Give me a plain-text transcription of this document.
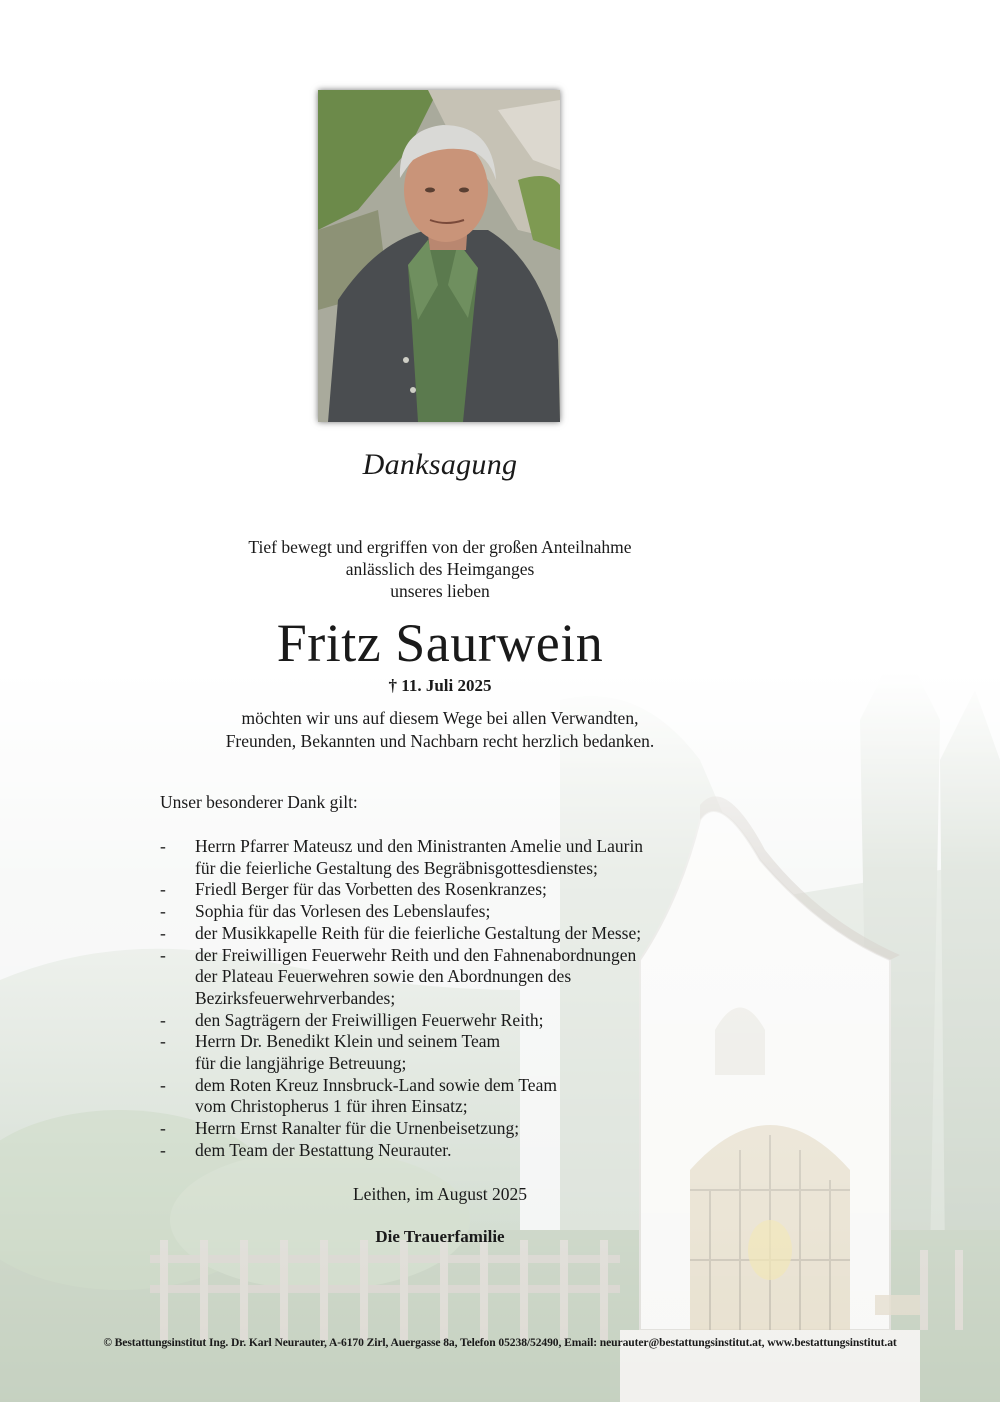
Danksagung
Tief bewegt und ergriffen von der großen Anteilnahme
anlässlich des Heimganges
unseres lieben
Fritz Saurwein
† 11. Juli 2025
möchten wir uns auf diesem Wege bei allen Verwandten,
Freunden, Bekannten und Nachbarn recht herzlich bedanken.
Unser besonderer Dank gilt:
- Herrn Pfarrer Mateusz und den Ministranten Amelie und Laurin
für die feierliche Gestaltung des Begräbnisgottesdienstes;
- Friedl Berger für das Vorbetten des Rosenkranzes;
- Sophia für das Vorlesen des Lebenslaufes;
- der Musikkapelle Reith für die feierliche Gestaltung der Messe;
- der Freiwilligen Feuerwehr Reith und den Fahnenabordnungen
der Plateau Feuerwehren sowie den Abordnungen des
Bezirksfeuerwehrverbandes;
- den Sagträgern der Freiwilligen Feuerwehr Reith;
- Herrn Dr. Benedikt Klein und seinem Team
für die langjährige Betreuung;
- dem Roten Kreuz Innsbruck-Land sowie dem Team
vom Christopherus 1 für ihren Einsatz;
- Herrn Ernst Ranalter für die Urnenbeisetzung;
- dem Team der Bestattung Neurauter.
Leithen, im August 2025
Die Trauerfamilie
© Bestattungsinstitut Ing. Dr. Karl Neurauter, A-6170 Zirl, Auergasse 8a, Telefon 05238/52490, Email: neurauter@bestattungsinstitut.at, www.bestattungsinstitut.at
